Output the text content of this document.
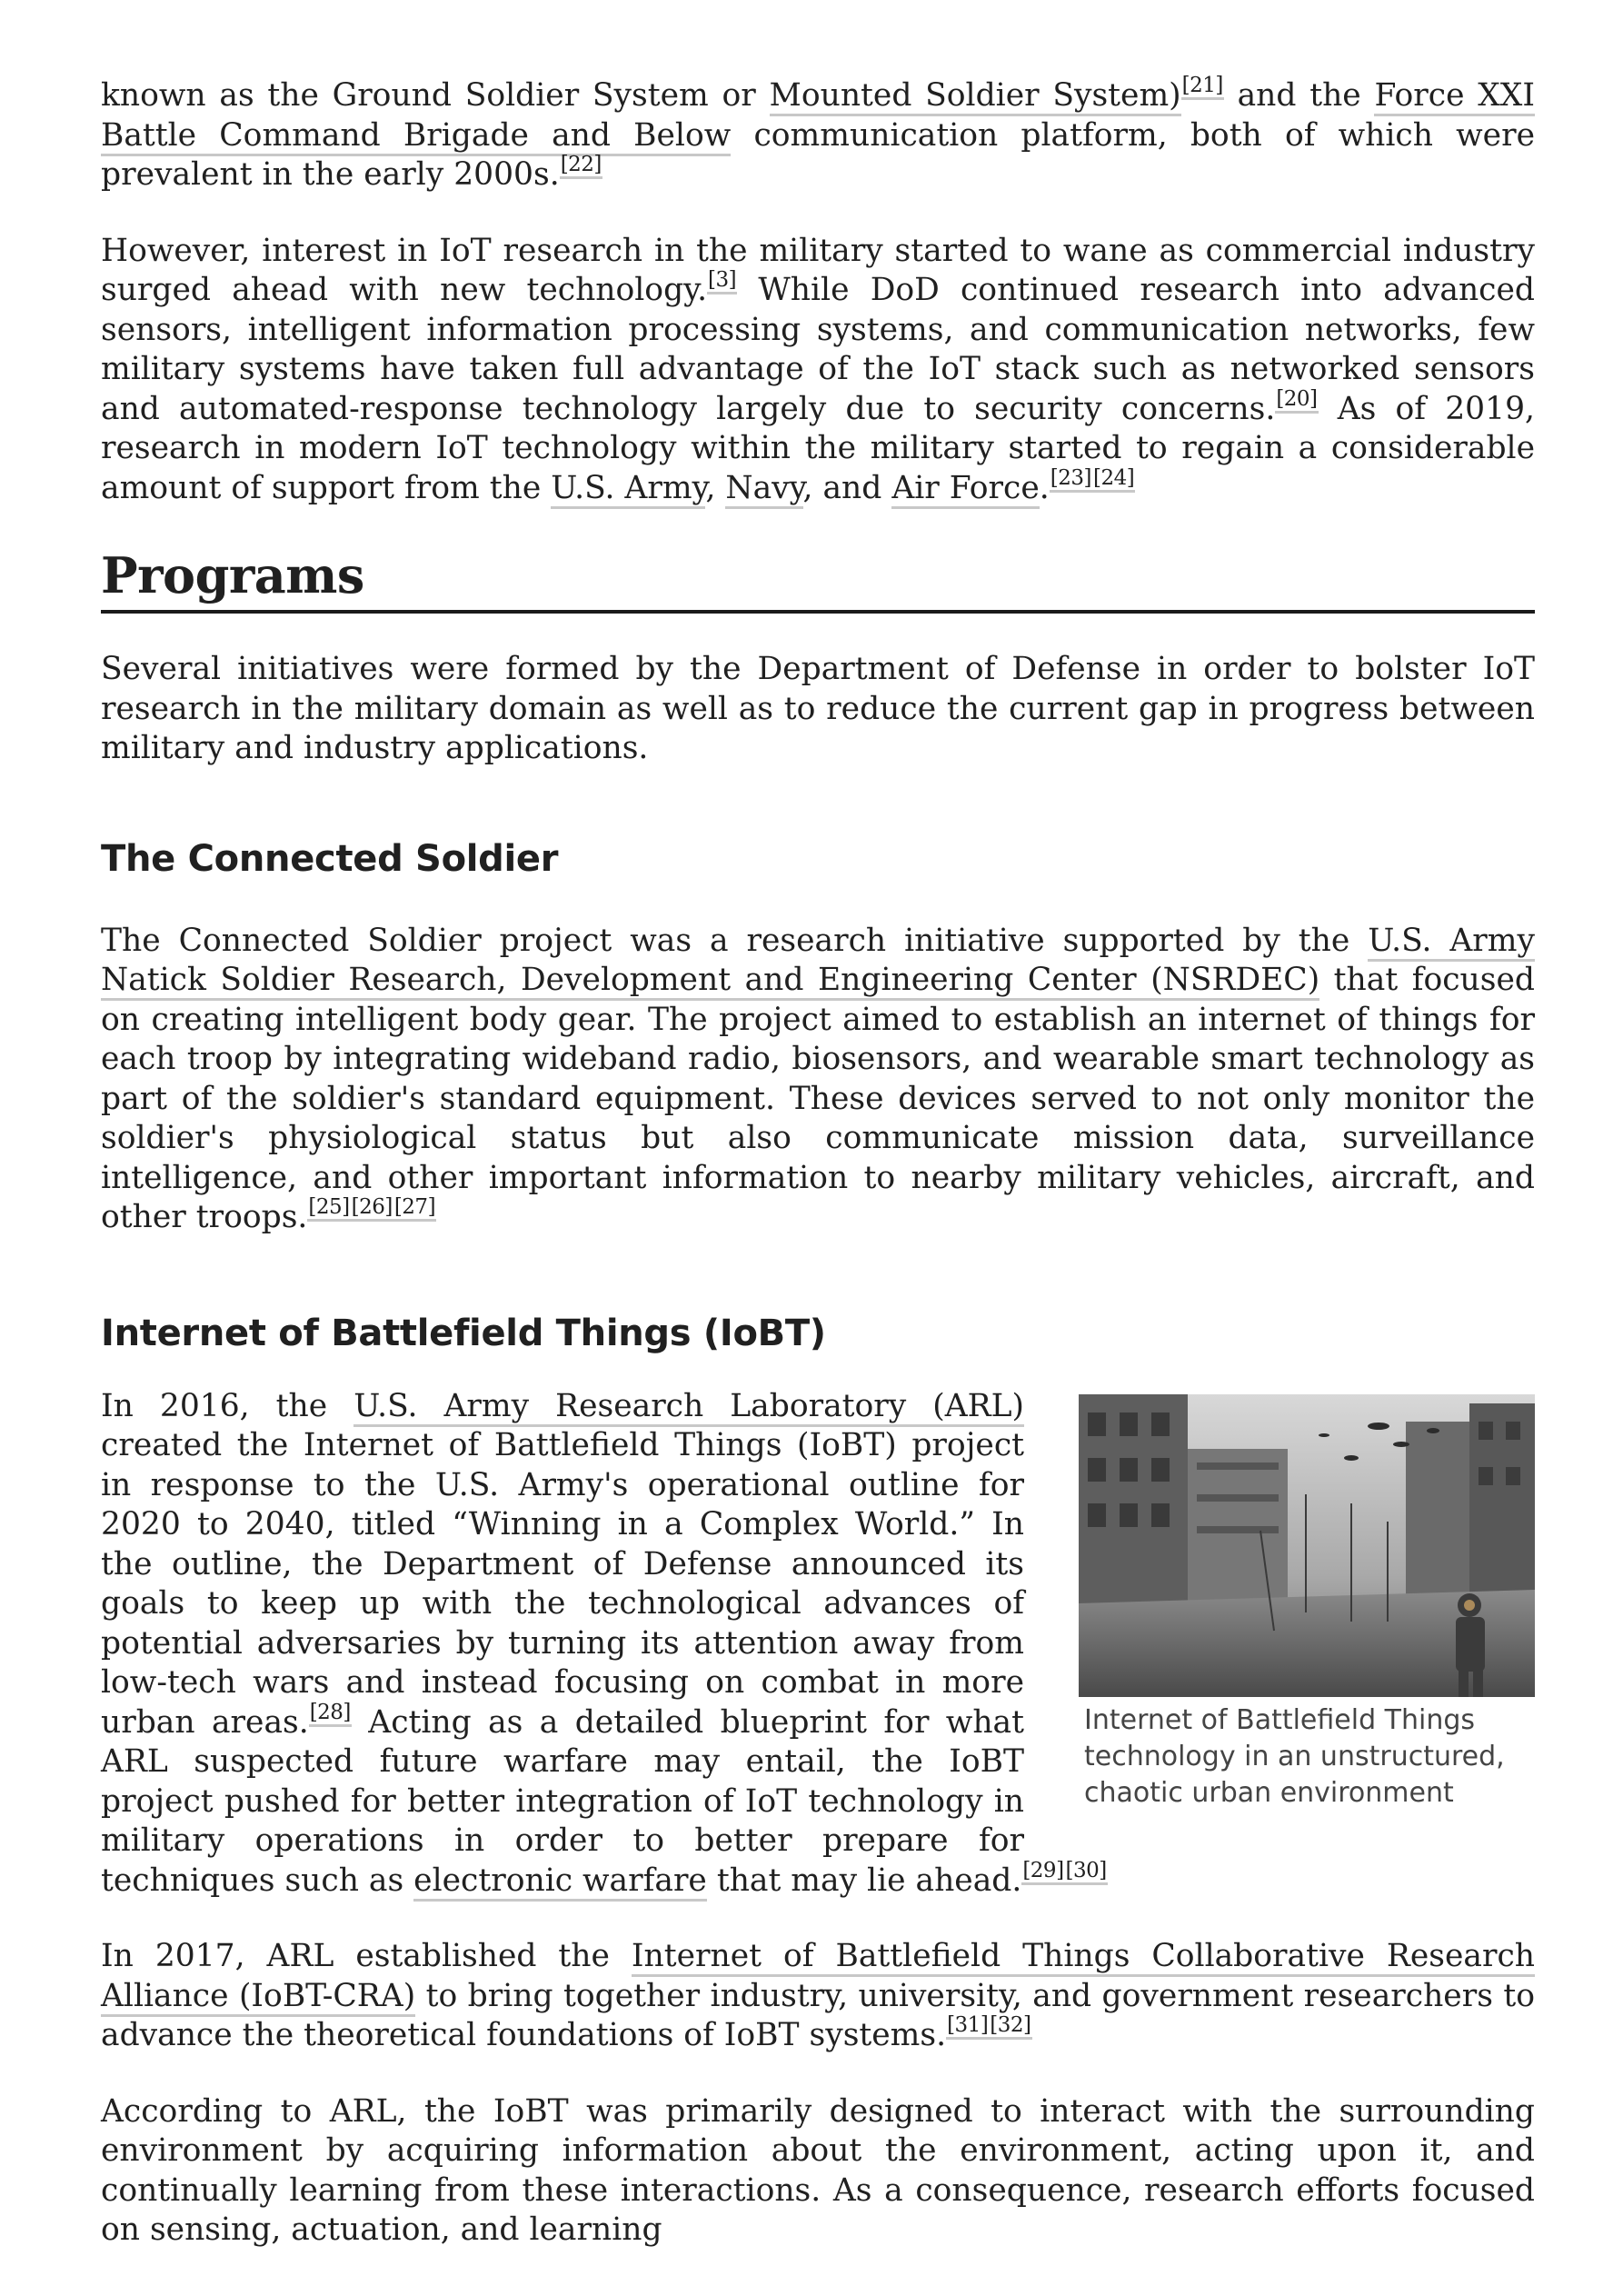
known as the Ground Soldier System or Mounted Soldier System)[21] and the Force XXI Battle Command Brigade and Below communication platform, both of which were prevalent in the early 2000s.[22]

However, interest in IoT research in the military started to wane as commercial industry surged ahead with new technology.[3] While DoD continued research into advanced sensors, intelligent information processing systems, and communication networks, few military systems have taken full advantage of the IoT stack such as networked sensors and automated-response technology largely due to security concerns.[20] As of 2019, research in modern IoT technology within the military started to regain a considerable amount of support from the U.S. Army, Navy, and Air Force.[23][24]

Programs

Several initiatives were formed by the Department of Defense in order to bolster IoT research in the military domain as well as to reduce the current gap in progress between military and industry applications.

The Connected Soldier

The Connected Soldier project was a research initiative supported by the U.S. Army Natick Soldier Research, Development and Engineering Center (NSRDEC) that focused on creating intelligent body gear. The project aimed to establish an internet of things for each troop by integrating wideband radio, biosensors, and wearable smart technology as part of the soldier's standard equipment. These devices served to not only monitor the soldier's physiological status but also communicate mission data, surveillance intelligence, and other important information to nearby military vehicles, aircraft, and other troops.[25][26][27]

Internet of Battlefield Things (IoBT)
Internet of Battlefield Things technology in an unstructured, chaotic urban environment

In 2016, the U.S. Army Research Laboratory (ARL) created the Internet of Battlefield Things (IoBT) project in response to the U.S. Army's operational outline for 2020 to 2040, titled “Winning in a Complex World.” In the outline, the Department of Defense announced its goals to keep up with the technological advances of potential adversaries by turning its attention away from low-tech wars and instead focusing on combat in more urban areas.[28] Acting as a detailed blueprint for what ARL suspected future warfare may entail, the IoBT project pushed for better integration of IoT technology in military operations in order to better prepare for techniques such as electronic warfare that may lie ahead.[29][30]

In 2017, ARL established the Internet of Battlefield Things Collaborative Research Alliance (IoBT-CRA) to bring together industry, university, and government researchers to advance the theoretical foundations of IoBT systems.[31][32]

According to ARL, the IoBT was primarily designed to interact with the surrounding environment by acquiring information about the environment, acting upon it, and continually learning from these interactions. As a consequence, research efforts focused on sensing, actuation, and learning
